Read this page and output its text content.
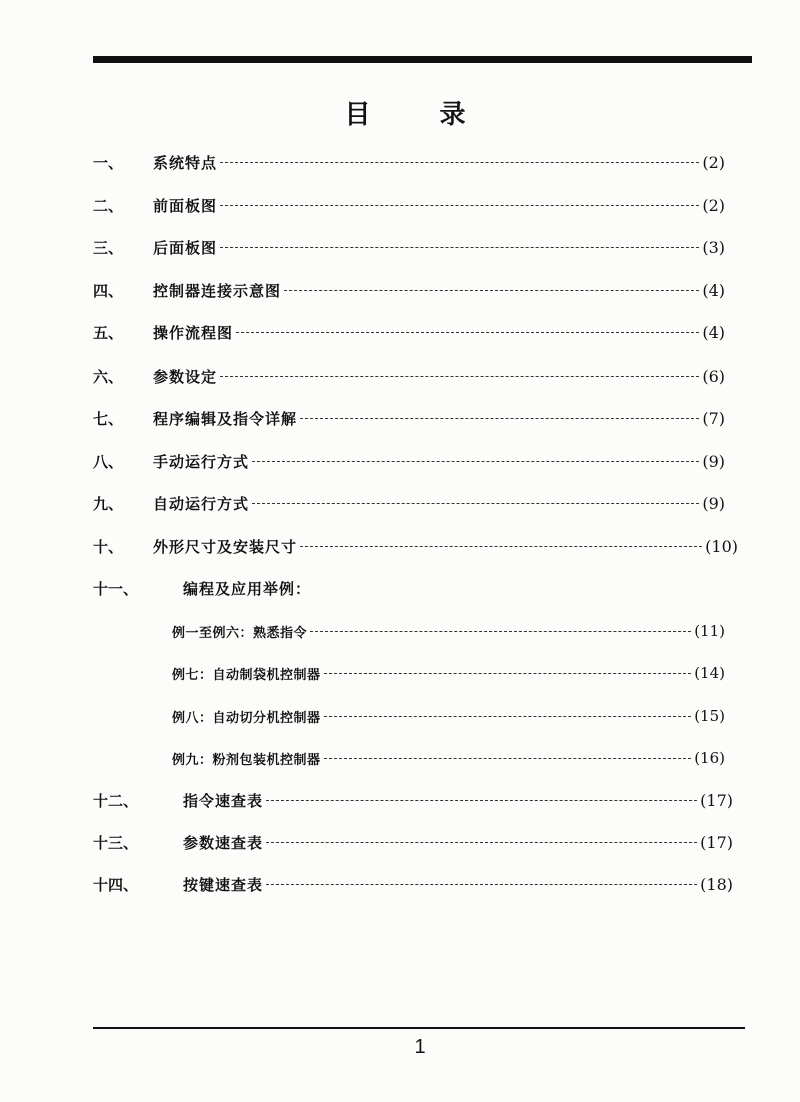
目 录
一、	系统特点	(2)
二、	前面板图	(2)
三、	后面板图	(3)
四、	控制器连接示意图	(4)
五、	操作流程图	(4)
六、	参数设定	(6)
七、	程序编辑及指令详解	(7)
八、	手动运行方式	(9)
九、	自动运行方式	(9)
十、	外形尺寸及安装尺寸	(10)
十一、	编程及应用举例：
例一至例六：熟悉指令	(11)
例七：自动制袋机控制器	(14)
例八：自动切分机控制器	(15)
例九：粉剂包装机控制器	(16)
十二、	指令速查表	(17)
十三、	参数速查表	(17)
十四、	按键速查表	(18)
1
